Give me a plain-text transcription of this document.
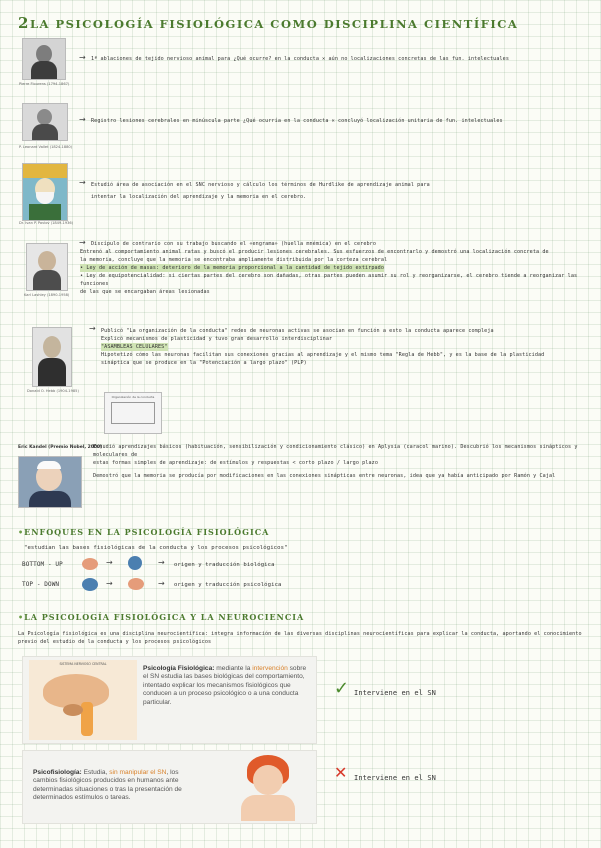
2LA PSICOLOGÍA FISIOLÓGICA COMO DISCIPLINA CIENTÍFICA
Pierre Flourens (1794-1867)
→ 1ª ablaciones de tejido nervioso animal para ¿Qué ocurre? en la conducta ✕ aún no localizaciones concretas de las fun. intelectuales
P. Leonard Vallet (1824-1880)
→ Registro lesiones cerebrales en minúscula parte ¿Qué ocurría en la conducta ✕ concluyó localización unitaria de fun. intelectuales
Dr. Ivan P. Pavlov (1849-1936)
→ Estudió área de asociación en el SNC nervioso y cálculo los términos de Hurdlike de aprendizaje animal para
intentar la localización del aprendizaje y la memoria en el cerebro.
Karl Lashley (1890-1958)
→ Discípulo de contrario con su trabajo buscando el «engrama» (huella mnémica) en el cerebro
Entrenó al comportamiento animal ratas y buscó el producir lesiones cerebrales. Sus esfuerzos de encontrarlo y demostró una localización concreta de
la memoria, concluye que la memoria se encontraba ampliamente distribuida por la corteza cerebral
• Ley de acción de masas: deterioro de la memoria proporcional a la cantidad de tejido extirpado
• Ley de equipotencialidad: si ciertas partes del cerebro son dañadas, otras partes pueden asumir su rol y reorganizarse, el cerebro tiende a reorganizar las funciones
de las que se encargaban áreas lesionadas
Donald O. Hebb (1904-1985)
→ Publicó "La organización de la conducta" redes de neuronas activas se asocian en función a esto la conducta aparece compleja
Explicó mecanismos de plasticidad y tuvo gran desarrollo interdisciplinar
"ASAMBLEAS CELULARES"
Hipotetizó cómo las neuronas facilitan sus conexiones gracias al aprendizaje y el mismo tema "Regla de Hebb", y es la base de la plasticidad
sináptica que se produce en la "Potenciación a largo plazo" (PLP)
Organización de la conducta
Eric Kandel (Premio Nobel, 2000)
Estudió aprendizajes básicos (habituación, sensibilización y condicionamiento clásico) en Aplysia (caracol marino). Descubrió los mecanismos sinápticos y moleculares de
estas formas simples de aprendizaje: de estímulos y respuestas < corto plazo / largo plazo
Demostró que la memoria se producía por modificaciones en las conexiones sinápticas entre neuronas, idea que ya había anticipado por Ramón y Cajal
•ENFOQUES EN LA PSICOLOGÍA FISIOLÓGICA
"estudian las bases fisiológicas de la conducta y los procesos psicológicos"
BOTTOM - UP	→	→ origen y traducción biológica
TOP - DOWN	→	→ origen y traducción psicológica
•LA PSICOLOGÍA FISIOLÓGICA Y LA NEUROCIENCIA
La Psicología fisiológica es una disciplina neurocientífica: integra información de las diversas disciplinas neurocientíficas para explicar la conducta, aportando el conocimiento
previo del estudio de la conducta y los procesos psicológicos
SISTEMA NERVIOSO CENTRAL
Psicología Fisiológica: mediante la intervención sobre el SN estudia las bases biológicas del comportamiento, intentado explicar los mecanismos fisiológicos que conducen a un proceso psicológico o a una conducta particular.
✓ Interviene en el SN
Psicofisiología: Estudia, sin manipular el SN, los cambios fisiológicos producidos en humanos ante determinadas situaciones o tras la presentación de determinados estímulos o tareas.
✕ Interviene en el SN
